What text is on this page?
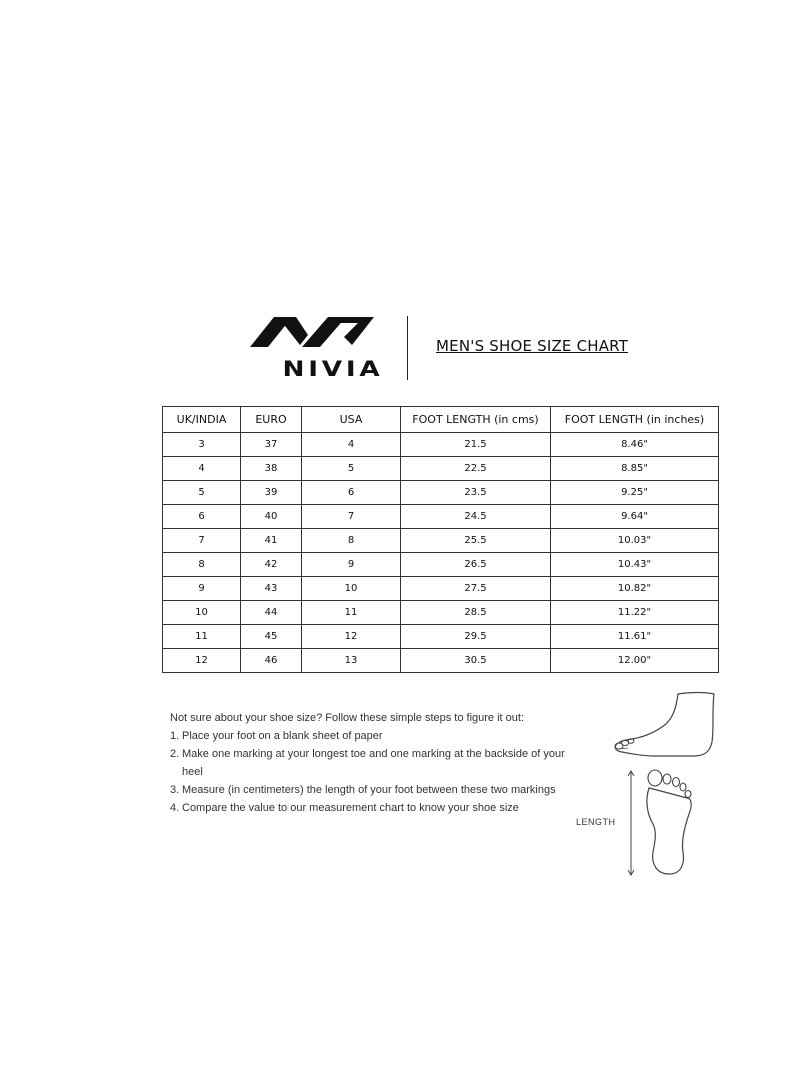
NIVIA
MEN'S SHOE SIZE CHART
UK/INDIA	EURO	USA	FOOT LENGTH (in cms)	FOOT LENGTH (in inches)
3	37	4	21.5	8.46"
4	38	5	22.5	8.85"
5	39	6	23.5	9.25"
6	40	7	24.5	9.64"
7	41	8	25.5	10.03"
8	42	9	26.5	10.43"
9	43	10	27.5	10.82"
10	44	11	28.5	11.22"
11	45	12	29.5	11.61"
12	46	13	30.5	12.00"

Not sure about your shoe size? Follow these simple steps to figure it out:

1. Place your foot on a blank sheet of paper
2. Make one marking at your longest toe and one marking at the backside of your heel
3. Measure (in centimeters) the length of your foot between these two markings
4. Compare the value to our measurement chart to know your shoe size
LENGTH
